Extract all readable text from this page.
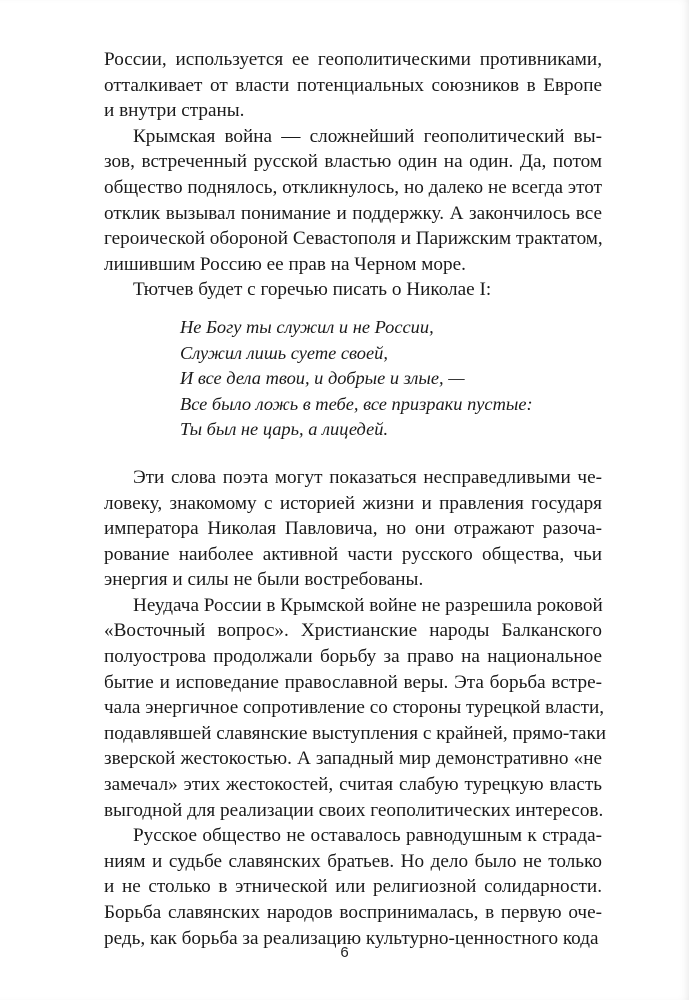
России, используется ее геополитическими противниками,
отталкивает от власти потенциальных союзников в Европе
и внутри страны.
Крымская война — сложнейший геополитический вы-
зов, встреченный русской властью один на один. Да, потом
общество поднялось, откликнулось, но далеко не всегда этот
отклик вызывал понимание и поддержку. А закончилось все
героической обороной Севастополя и Парижским трактатом,
лишившим Россию ее прав на Черном море.
Тютчев будет с горечью писать о Николае I:
Не Богу ты служил и не России,
Служил лишь суете своей,
И все дела твои, и добрые и злые, —
Все было ложь в тебе, все призраки пустые:
Ты был не царь, а лицедей.
Эти слова поэта могут показаться несправедливыми че-
ловеку, знакомому с историей жизни и правления государя
императора Николая Павловича, но они отражают разоча-
рование наиболее активной части русского общества, чьи
энергия и силы не были востребованы.
Неудача России в Крымской войне не разрешила роковой
«Восточный вопрос». Христианские народы Балканского
полуострова продолжали борьбу за право на национальное
бытие и исповедание православной веры. Эта борьба встре-
чала энергичное сопротивление со стороны турецкой власти,
подавлявшей славянские выступления с крайней, прямо-таки
зверской жестокостью. А западный мир демонстративно «не
замечал» этих жестокостей, считая слабую турецкую власть
выгодной для реализации своих геополитических интересов.
Русское общество не оставалось равнодушным к страда-
ниям и судьбе славянских братьев. Но дело было не только
и не столько в этнической или религиозной солидарности.
Борьба славянских народов воспринималась, в первую оче-
редь, как борьба за реализацию культурно-ценностного кода
6
